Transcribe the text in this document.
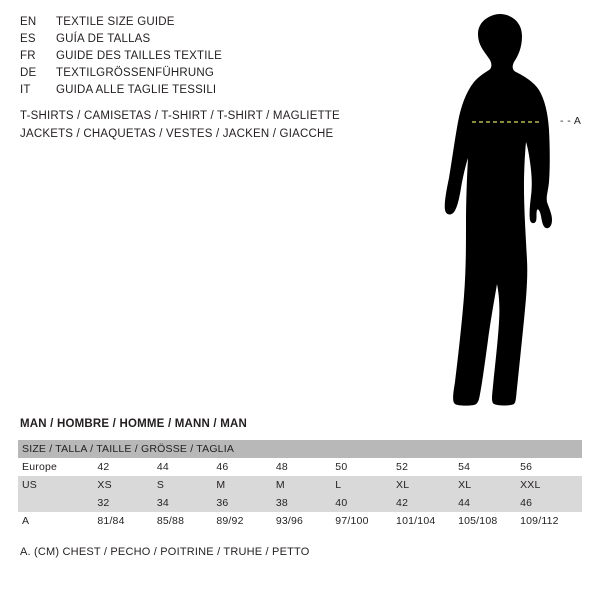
EN	TEXTILE SIZE GUIDE
ES	GUÍA DE TALLAS
FR	GUIDE DES TAILLES TEXTILE
DE	TEXTILGRÖSSENFÜHRUNG
IT	GUIDA ALLE TAGLIE TESSILI
T-SHIRTS / CAMISETAS / T-SHIRT / T-SHIRT / MAGLIETTE
JACKETS / CHAQUETAS / VESTES / JACKEN / GIACCHE
- - A
MAN / HOMBRE / HOMME / MANN / MAN
SIZE / TALLA / TAILLE / GRÖSSE / TAGLIA								
Europe	42	44	46	48	50	52	54	56
US	XS	S	M	M	L	XL	XL	XXL
	32	34	36	38	40	42	44	46
A	81/84	85/88	89/92	93/96	97/100	101/104	105/108	109/112
A. (CM) CHEST / PECHO / POITRINE / TRUHE / PETTO
